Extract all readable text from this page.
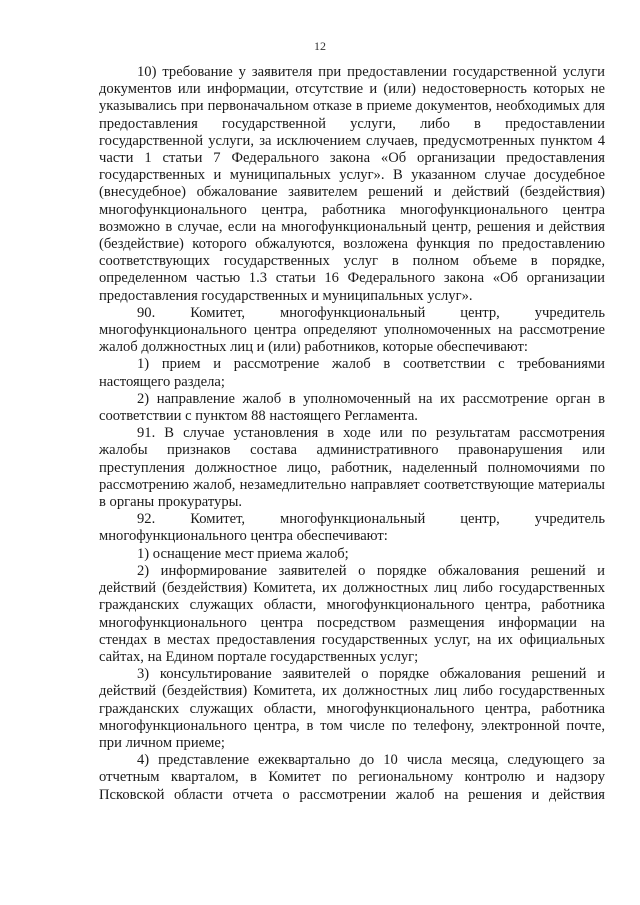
12

10) требование у заявителя при предоставлении государственной услуги документов или информации, отсутствие и (или) недостоверность которых не указывались при первоначальном отказе в приеме документов, необходимых для предоставления государственной услуги, либо в предоставлении государственной услуги, за исключением случаев, предусмотренных пунктом 4 части 1 статьи 7 Федерального закона «Об организации предоставления государственных и муниципальных услуг». В указанном случае досудебное (внесудебное) обжалование заявителем решений и действий (бездействия) многофункционального центра, работника многофункционального центра возможно в случае, если на многофункциональный центр, решения и действия (бездействие) которого обжалуются, возложена функция по предоставлению соответствующих государственных услуг в полном объеме в порядке, определенном частью 1.3 статьи 16 Федерального закона «Об организации предоставления государственных и муниципальных услуг».

90. Комитет, многофункциональный центр, учредитель многофункционального центра определяют уполномоченных на рассмотрение жалоб должностных лиц и (или) работников, которые обеспечивают:

1) прием и рассмотрение жалоб в соответствии с требованиями настоящего раздела;

2) направление жалоб в уполномоченный на их рассмотрение орган в соответствии с пунктом 88 настоящего Регламента.

91. В случае установления в ходе или по результатам рассмотрения жалобы признаков состава административного правонарушения или преступления должностное лицо, работник, наделенный полномочиями по рассмотрению жалоб, незамедлительно направляет соответствующие материалы в органы прокуратуры.

92. Комитет, многофункциональный центр, учредитель многофункционального центра обеспечивают:

1) оснащение мест приема жалоб;

2) информирование заявителей о порядке обжалования решений и действий (бездействия) Комитета, их должностных лиц либо государственных гражданских служащих области, многофункционального центра, работника многофункционального центра посредством размещения информации на стендах в местах предоставления государственных услуг, на их официальных сайтах, на Едином портале государственных услуг;

3) консультирование заявителей о порядке обжалования решений и действий (бездействия) Комитета, их должностных лиц либо государственных гражданских служащих области, многофункционального центра, работника многофункционального центра, в том числе по телефону, электронной почте, при личном приеме;

4) представление ежеквартально до 10 числа месяца, следующего за отчетным кварталом, в Комитет по региональному контролю и надзору Псковской области отчета о рассмотрении жалоб на решения и действия
